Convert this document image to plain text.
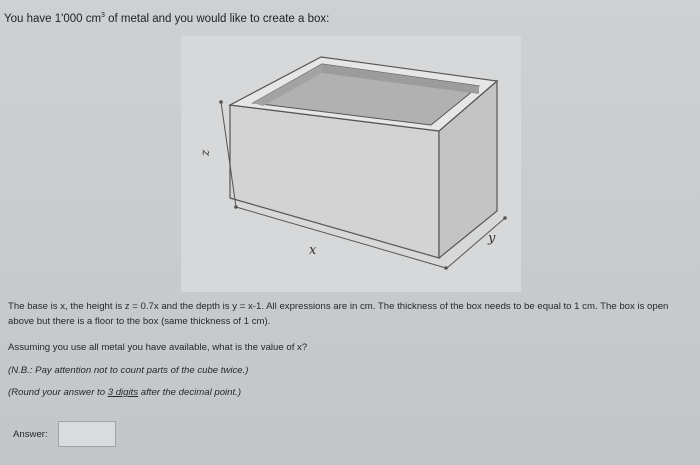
You have 1'000 $cm^3$ of metal and you would like to create a box:
z
x
y
The base is x, the height is z = 0.7x and the depth is y = x-1. All expressions are in cm. The thickness of the box needs to be equal to 1 cm. The box is open above but there is a floor to the box (same thickness of 1 cm).
Assuming you use all metal you have available, what is the value of x?
(N.B.: Pay attention not to count parts of the cube twice.)
(Round your answer to 3 digits after the decimal point.)
Answer:
